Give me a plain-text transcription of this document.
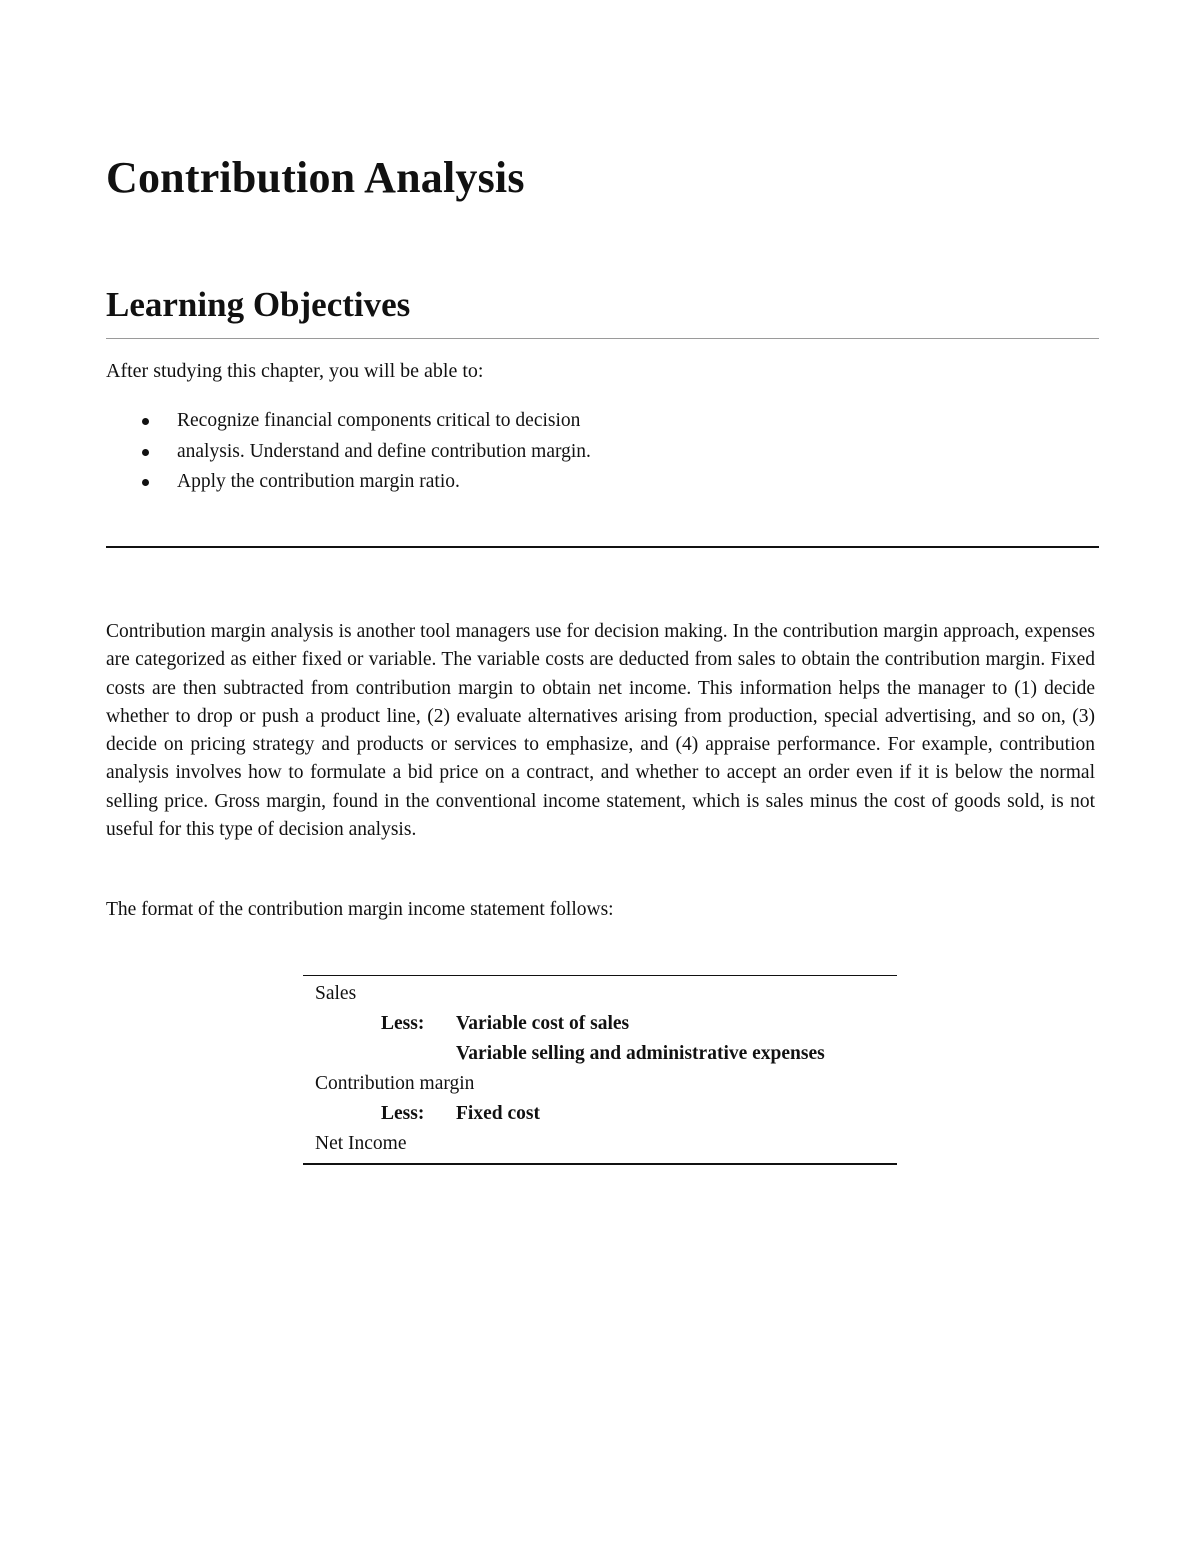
Contribution Analysis
Learning Objectives

After studying this chapter, you will be able to:

Recognize financial components critical to decision
analysis. Understand and define contribution margin.
Apply the contribution margin ratio.

Contribution margin analysis is another tool managers use for decision making. In the contribution margin approach, expenses are categorized as either fixed or variable. The variable costs are deducted from sales to obtain the contribution margin. Fixed costs are then subtracted from contribution margin to obtain net income. This information helps the manager to (1) decide whether to drop or push a product line, (2) evaluate alternatives arising from production, special advertising, and so on, (3) decide on pricing strategy and products or services to emphasize, and (4) appraise performance. For example, contribution analysis involves how to formulate a bid price on a contract, and whether to accept an order even if it is below the normal selling price. Gross margin, found in the conventional income statement, which is sales minus the cost of goods sold, is not useful for this type of decision analysis.

The format of the contribution margin income statement follows:

Sales
Less: Variable cost of sales
Variable selling and administrative expenses
Contribution margin
Less: Fixed cost
Net Income
